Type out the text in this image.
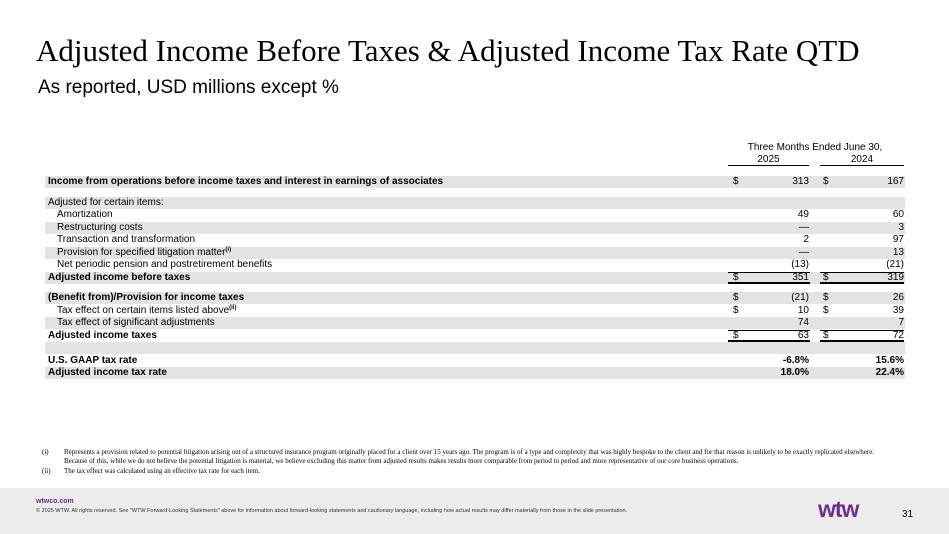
Adjusted Income Before Taxes & Adjusted Income Tax Rate QTD
As reported, USD millions except %
Three Months Ended June 30,
2025	2024
Income from operations before income taxes and interest in earnings of associates	$	313 $	167
Adjusted for certain items:
Amortization	49	60
Restructuring costs	—	3
Transaction and transformation	2	97
Provision for specified litigation matter$^{(i)}$	—	13
Net periodic pension and postretirement benefits	(13)	(21)
Adjusted income before taxes	$	351 $	319
(Benefit from)/Provision for income taxes	$	(21) $	26
Tax effect on certain items listed above$^{(ii)}$	$	10 $	39
Tax effect of significant adjustments	74	7
Adjusted income taxes	$	63 $	72
U.S. GAAP tax rate	-6.8%	15.6%
Adjusted income tax rate	18.0%	22.4%
(i) Represents a provision related to potential litigation arising out of a structured insurance program originally placed for a client over 15 years ago. The program is of a type and complexity that was highly bespoke to the client and for that reason is unlikely to be exactly replicated elsewhere. Because of this, while we do not believe the potential litigation is material, we believe excluding this matter from adjusted results makes results more comparable from period to period and more representative of our core business operations.
(ii) The tax effect was calculated using an effective tax rate for each item.
wtwco.com
© 2025 WTW. All rights reserved. See "WTW Forward-Looking Statements" above for information about forward-looking statements and cautionary language, including how actual results may differ materially from those in the slide presentation.	wtw	31
